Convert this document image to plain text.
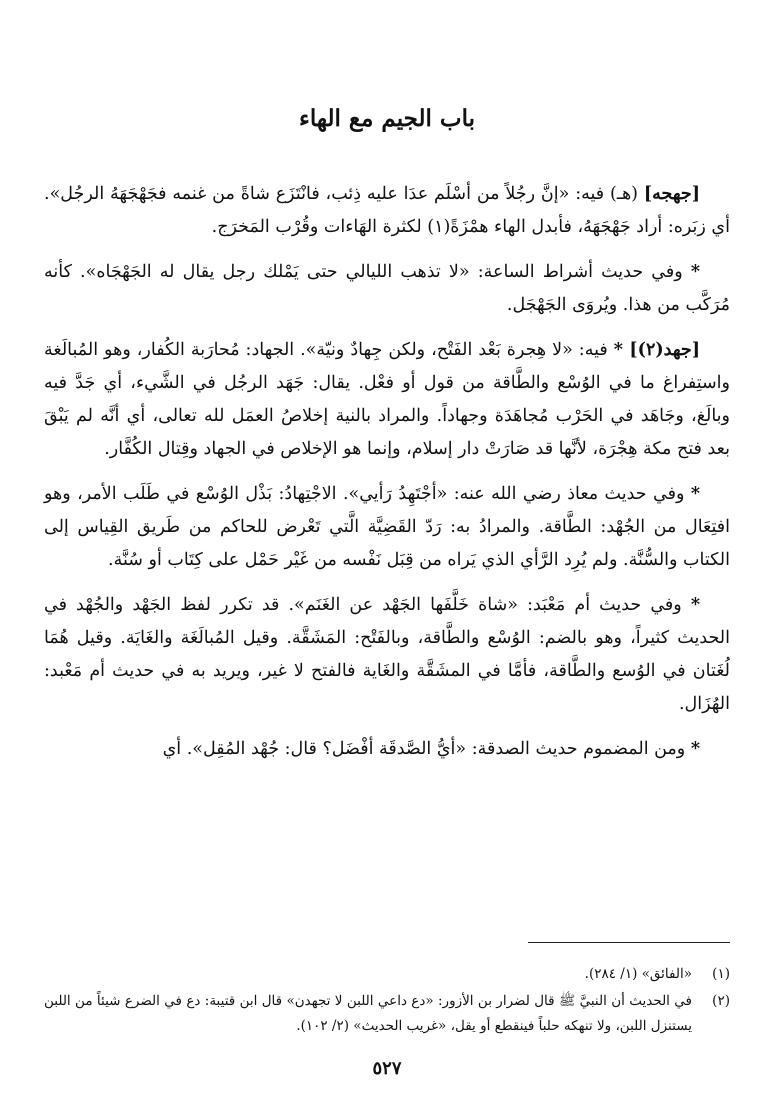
باب الجيم مع الهاء

[جهجه] (هـ) فيه: «إنَّ رجُلاً من أسْلَم عدَا عليه ذِئب، فانْتَزَع شاةً من غنمه فجَهْجَهَهُ الرجُل». أي زبَره: أراد جَهْجَهَهُ، فأبدل الهاء همْزَةً(١) لكثرة الهَاءات وقُرْب المَخرَج.

* وفي حديث أشراط الساعة: «لا تذهب الليالي حتى يَمْلك رجل يقال له الجَهْجَاه». كأنه مُرَكَّب من هذا. ويُروَى الجَهْجَل.

[جهد(٢)] * فيه: «لا هِجرة بَعْد الفَتْح، ولكن جِهادٌ ونيّة». الجهاد: مُحارَبة الكُفار، وهو المُبالَغة واستِفراغ ما في الوُسْع والطَّاقة من قول أو فعْل. يقال: جَهَد الرجُل في الشَّيء، أي جَدَّ فيه وبالَغ، وجَاهَد في الحَرْب مُجاهَدَة وجهاداً. والمراد بالنية إخلاصُ العمَل لله تعالى، أي أنَّه لم يَبْقَ بعد فتح مكة هِجْرَة، لأنَّها قد صَارَتْ دار إسلام، وإنما هو الإخلاص في الجهاد وقِتال الكُفَّار.

* وفي حديث معاذ رضي الله عنه: «أجْتَهِدُ رَأيي». الاجْتِهادُ: بَذْل الوُسْع في طَلَب الأمر، وهو افتِعَال من الجُهْد: الطَّاقة. والمرادُ به: رَدّ القَضِيَّة الَّتي تَعْرض للحاكم من طَريق القِياس إلى الكتاب والسُّنَّة. ولم يُرِد الرَّأي الذي يَراه من قِبَل نَفْسه من غَيْر حَمْل على كِتَاب أو سُنَّة.

* وفي حديث أم مَعْبَد: «شاة خَلَّفَها الجَهْد عن الغَنَم». قد تكرر لفظ الجَهْد والجُهْد في الحديث كثيراً، وهو بالضم: الوُسْع والطَّاقة، وبالفَتْح: المَشَقَّة. وقيل المُبالَغَة والغَايَة. وقيل هُمَا لُغَتان في الوُسع والطَّاقة، فأمَّا في المشَقَّة والغَاية فالفتح لا غير، ويريد به في حديث أم مَعْبد: الهُزَال.

* ومن المضموم حديث الصدقة: «أيُّ الصَّدقَة أفْضَل؟ قال: جُهْد المُقِل». أي

(١)«الفائق» (١/ ٢٨٤).

(٢)في الحديث أن النبيَّ ﷺ قال لضرار بن الأزور: «دع داعي اللبن لا تجهدن» قال ابن قتيبة: دع في الضرع شيئاً من اللبن يستنزل اللبن، ولا تنهكه حلباً فينقطع أو يقل، «غريب الحديث» (٢/ ١٠٢).

٥٢٧
